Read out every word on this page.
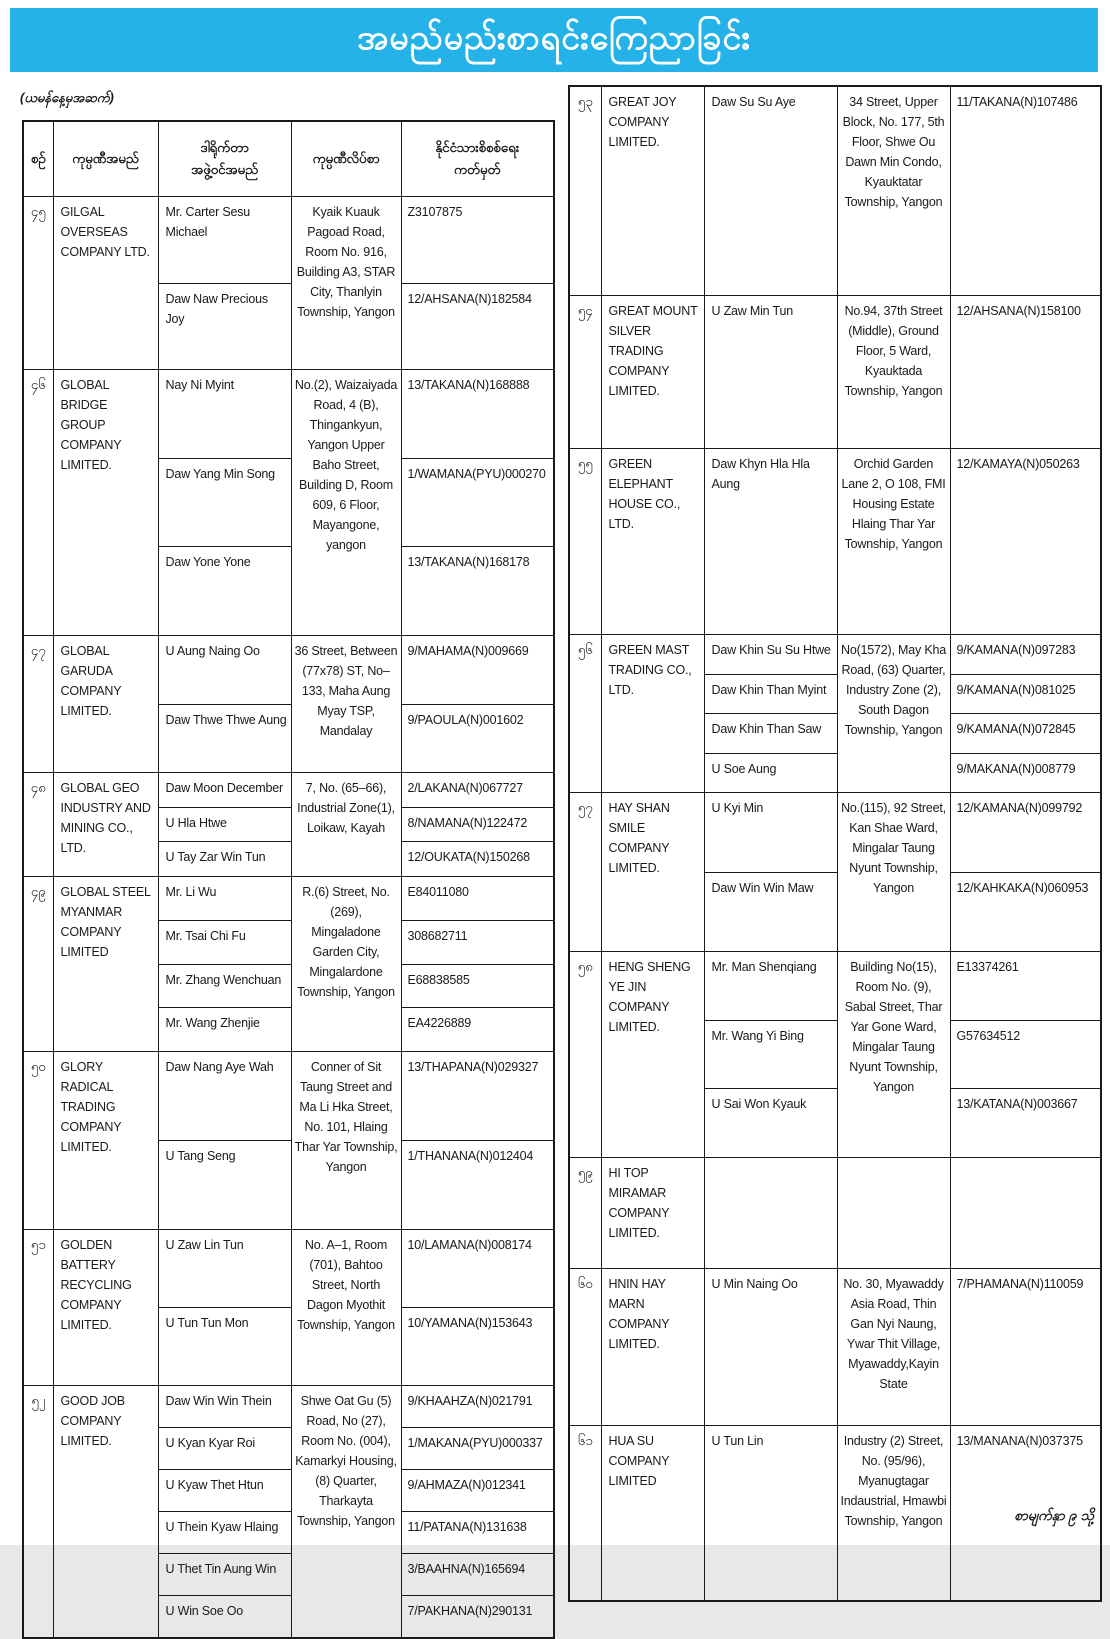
အမည်မည်းစာရင်းကြေညာခြင်း
(ယမန်နေ့မှအဆက်)
စဉ်	ကုမ္ပဏီအမည်	
ဒါရိုက်တာ
အဖွဲ့ဝင်အမည်
	ကုမ္ပဏီလိပ်စာ	
နိုင်ငံသားစိစစ်ရေး
ကတ်မှတ်

၄၅	GILGAL OVERSEAS COMPANY LTD.	Mr. Carter Sesu Michael	Kyaik Kuauk Pagoad Road, Room No. 916, Building A3, STAR City, Thanlyin Township, Yangon	Z3107875
		Daw Naw Precious Joy		12/AHSANA(N)182584
၄၆	GLOBAL BRIDGE GROUP COMPANY LIMITED.	Nay Ni Myint	No.(2), Waizaiyada Road, 4 (B), Thingankyun, Yangon Upper Baho Street, Building D, Room 609, 6 Floor, Mayangone, yangon	13/TAKANA(N)168888
		Daw Yang Min Song		1/WAMANA(PYU)000270
		Daw Yone Yone		13/TAKANA(N)168178
၄၇	GLOBAL GARUDA COMPANY LIMITED.	U Aung Naing Oo	36 Street, Between (77x78) ST, No–133, Maha Aung Myay TSP, Mandalay	9/MAHAMA(N)009669
		Daw Thwe Thwe Aung		9/PAOULA(N)001602
၄၈	GLOBAL GEO INDUSTRY AND MINING CO., LTD.	Daw Moon December	7, No. (65–66), Industrial Zone(1), Loikaw, Kayah	2/LAKANA(N)067727
		U Hla Htwe		8/NAMANA(N)122472
		U Tay Zar Win Tun		12/OUKATA(N)150268
၄၉	GLOBAL STEEL MYANMAR COMPANY LIMITED	Mr. Li Wu	R.(6) Street, No. (269), Mingaladone Garden City, Mingalardone Township, Yangon	E84011080
		Mr. Tsai Chi Fu		308682711
		Mr. Zhang Wenchuan		E68838585
		Mr. Wang Zhenjie		EA4226889
၅၀	GLORY RADICAL TRADING COMPANY LIMITED.	Daw Nang Aye Wah	Conner of Sit Taung Street and Ma Li Hka Street, No. 101, Hlaing Thar Yar Township, Yangon	13/THAPANA(N)029327
		U Tang Seng		1/THANANA(N)012404
၅၁	GOLDEN BATTERY RECYCLING COMPANY LIMITED.	U Zaw Lin Tun	No. A–1, Room (701), Bahtoo Street, North Dagon Myothit Township, Yangon	10/LAMANA(N)008174
		U Tun Tun Mon		10/YAMANA(N)153643
၅၂	GOOD JOB COMPANY LIMITED.	Daw Win Win Thein	Shwe Oat Gu (5) Road, No (27), Room No. (004), Kamarkyi Housing, (8) Quarter, Tharkayta Township, Yangon	9/KHAAHZA(N)021791
		U Kyan Kyar Roi		1/MAKANA(PYU)000337
		U Kyaw Thet Htun		9/AHMAZA(N)012341
		U Thein Kyaw Hlaing		11/PATANA(N)131638
		U Thet Tin Aung Win		3/BAAHNA(N)165694
		U Win Soe Oo		7/PAKHANA(N)290131
၅၃	GREAT JOY COMPANY LIMITED.	Daw Su Su Aye	34 Street, Upper Block, No. 177, 5th Floor, Shwe Ou Dawn Min Condo, Kyauktatar Township, Yangon	11/TAKANA(N)107486
၅၄	GREAT MOUNT SILVER TRADING COMPANY LIMITED.	U Zaw Min Tun	No.94, 37th Street (Middle), Ground Floor, 5 Ward, Kyauktada Township, Yangon	12/AHSANA(N)158100
၅၅	GREEN ELEPHANT HOUSE CO., LTD.	Daw Khyn Hla Hla Aung	Orchid Garden Lane 2, O 108, FMI Housing Estate Hlaing Thar Yar Township, Yangon	12/KAMAYA(N)050263
၅၆	GREEN MAST TRADING CO., LTD.	Daw Khin Su Su Htwe	No(1572), May Kha Road, (63) Quarter, Industry Zone (2), South Dagon Township, Yangon	9/KAMANA(N)097283
		Daw Khin Than Myint		9/KAMANA(N)081025
		Daw Khin Than Saw		9/KAMANA(N)072845
		U Soe Aung		9/MAKANA(N)008779
၅၇	HAY SHAN SMILE COMPANY LIMITED.	U Kyi Min	No.(115), 92 Street, Kan Shae Ward, Mingalar Taung Nyunt Township, Yangon	12/KAMANA(N)099792
		Daw Win Win Maw		12/KAHKAKA(N)060953
၅၈	HENG SHENG YE JIN COMPANY LIMITED.	Mr. Man Shenqiang	Building No(15), Room No. (9), Sabal Street, Thar Yar Gone Ward, Mingalar Taung Nyunt Township, Yangon	E13374261
		Mr. Wang Yi Bing		G57634512
		U Sai Won Kyauk		13/KATANA(N)003667
၅၉	HI TOP MIRAMAR COMPANY LIMITED.			
၆၀	HNIN HAY MARN COMPANY LIMITED.	U Min Naing Oo	No. 30, Myawaddy Asia Road, Thin Gan Nyi Naung, Ywar Thit Village, Myawaddy,Kayin State	7/PHAMANA(N)110059
၆၁	HUA SU COMPANY LIMITED	U Tun Lin	Industry (2) Street, No. (95/96), Myanugtagar Indaustrial, Hmawbi Township, Yangon	13/MANANA(N)037375
စာမျက်နှာ ၉ သို့
